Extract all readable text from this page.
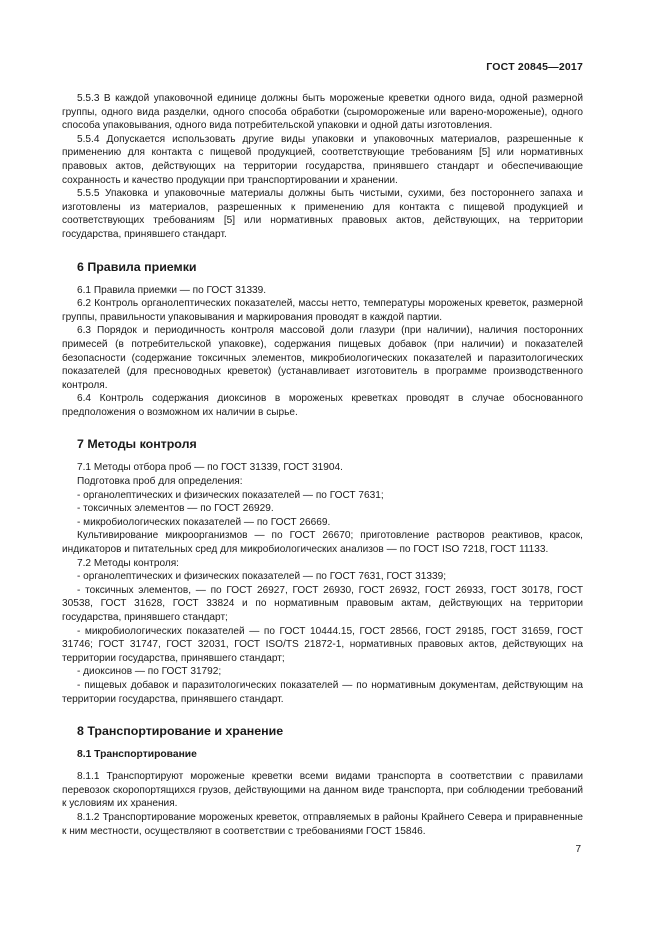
ГОСТ 20845—2017

5.5.3 В каждой упаковочной единице должны быть мороженые креветки одного вида, одной размерной группы, одного вида разделки, одного способа обработки (сыромороженые или варено-мороженые), одного способа упаковывания, одного вида потребительской упаковки и одной даты изготовления.

5.5.4 Допускается использовать другие виды упаковки и упаковочных материалов, разрешенные к применению для контакта с пищевой продукцией, соответствующие требованиям [5] или нормативных правовых актов, действующих на территории государства, принявшего стандарт и обеспечивающие сохранность и качество продукции при транспортировании и хранении.

5.5.5 Упаковка и упаковочные материалы должны быть чистыми, сухими, без постороннего запаха и изготовлены из материалов, разрешенных к применению для контакта с пищевой продукцией и соответствующих требованиям [5] или нормативных правовых актов, действующих, на территории государства, принявшего стандарт.

6 Правила приемки

6.1 Правила приемки — по ГОСТ 31339.

6.2 Контроль органолептических показателей, массы нетто, температуры мороженых креветок, размерной группы, правильности упаковывания и маркирования проводят в каждой партии.

6.3 Порядок и периодичность контроля массовой доли глазури (при наличии), наличия посторонних примесей (в потребительской упаковке), содержания пищевых добавок (при наличии) и показателей безопасности (содержание токсичных элементов, микробиологических показателей и паразитологических показателей (для пресноводных креветок) (устанавливает изготовитель в программе производственного контроля.

6.4 Контроль содержания диоксинов в мороженых креветках проводят в случае обоснованного предположения о возможном их наличии в сырье.

7 Методы контроля

7.1 Методы отбора проб — по ГОСТ 31339, ГОСТ 31904.

Подготовка проб для определения:

- органолептических и физических показателей — по ГОСТ 7631;

- токсичных элементов — по ГОСТ 26929.

- микробиологических показателей — по ГОСТ 26669.

Культивирование микроорганизмов — по ГОСТ 26670; приготовление растворов реактивов, красок, индикаторов и питательных сред для микробиологических анализов — по ГОСТ ISO 7218, ГОСТ 11133.

7.2 Методы контроля:

- органолептических и физических показателей — по ГОСТ 7631, ГОСТ 31339;

- токсичных элементов, — по ГОСТ 26927, ГОСТ 26930, ГОСТ 26932, ГОСТ 26933, ГОСТ 30178, ГОСТ 30538, ГОСТ 31628, ГОСТ 33824 и по нормативным правовым актам, действующих на территории государства, принявшего стандарт;

- микробиологических показателей — по ГОСТ 10444.15, ГОСТ 28566, ГОСТ 29185, ГОСТ 31659, ГОСТ 31746; ГОСТ 31747, ГОСТ 32031, ГОСТ ISO/TS 21872-1, нормативных правовых актов, действующих на территории государства, принявшего стандарт;

- диоксинов — по ГОСТ 31792;

- пищевых добавок и паразитологических показателей — по нормативным документам, действующим на территории государства, принявшего стандарт.

8 Транспортирование и хранение
8.1 Транспортирование

8.1.1 Транспортируют мороженые креветки всеми видами транспорта в соответствии с правилами перевозок скоропортящихся грузов, действующими на данном виде транспорта, при соблюдении требований к условиям их хранения.

8.1.2 Транспортирование мороженых креветок, отправляемых в районы Крайнего Севера и приравненные к ним местности, осуществляют в соответствии с требованиями ГОСТ 15846.

7
